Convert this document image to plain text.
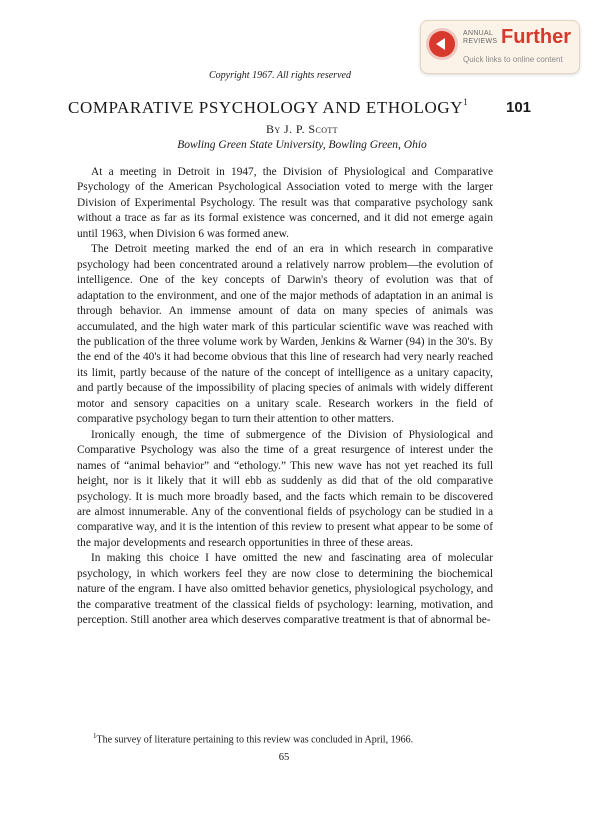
ANNUAL
REVIEWS Further
Quick links to online content
Copyright 1967. All rights reserved
COMPARATIVE PSYCHOLOGY AND ETHOLOGY$^1$	101
By J. P. Scott
Bowling Green State University, Bowling Green, Ohio

At a meeting in Detroit in 1947, the Division of Physiological and Comparative Psychology of the American Psychological Association voted to merge with the larger Division of Experimental Psychology. The result was that comparative psychology sank without a trace as far as its formal existence was concerned, and it did not emerge again until 1963, when Division 6 was formed anew.

The Detroit meeting marked the end of an era in which research in comparative psychology had been concentrated around a relatively narrow problem—the evolution of intelligence. One of the key concepts of Darwin's theory of evolution was that of adaptation to the environment, and one of the major methods of adaptation in an animal is through behavior. An immense amount of data on many species of animals was accumulated, and the high water mark of this particular scientific wave was reached with the publication of the three volume work by Warden, Jenkins & Warner (94) in the 30's. By the end of the 40's it had become obvious that this line of research had very nearly reached its limit, partly because of the nature of the concept of intelligence as a unitary capacity, and partly because of the impossibility of placing species of animals with widely different motor and sensory capacities on a unitary scale. Research workers in the field of comparative psychology began to turn their attention to other matters.

Ironically enough, the time of submergence of the Division of Physiological and Comparative Psychology was also the time of a great resurgence of interest under the names of “animal behavior” and “ethology.” This new wave has not yet reached its full height, nor is it likely that it will ebb as suddenly as did that of the old comparative psychology. It is much more broadly based, and the facts which remain to be discovered are almost innumerable. Any of the conventional fields of psychology can be studied in a comparative way, and it is the intention of this review to present what appear to be some of the major developments and research opportunities in three of these areas.

In making this choice I have omitted the new and fascinating area of molecular psychology, in which workers feel they are now close to determining the biochemical nature of the engram. I have also omitted behavior genetics, physiological psychology, and the comparative treatment of the classical fields of psychology: learning, motivation, and perception. Still another area which deserves comparative treatment is that of abnormal be-

$^1$The survey of literature pertaining to this review was concluded in April, 1966.
65
